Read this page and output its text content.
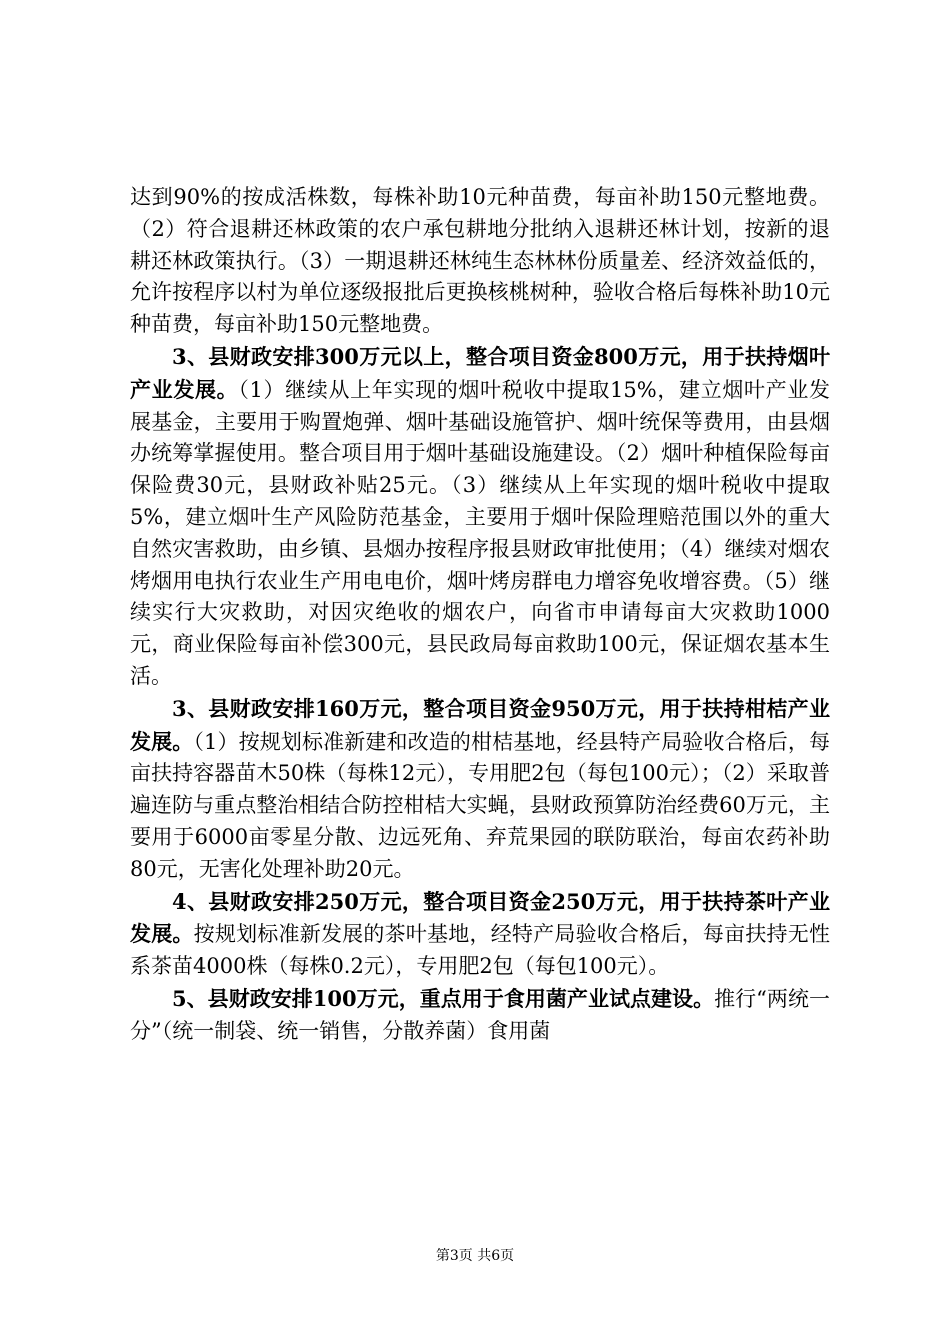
达到90%的按成活株数，每株补助10元种苗费，每亩补助150元整地费。（2）符合退耕还林政策的农户承包耕地分批纳入退耕还林计划，按新的退耕还林政策执行。（3）一期退耕还林纯生态林林份质量差、经济效益低的，允许按程序以村为单位逐级报批后更换核桃树种，验收合格后每株补助10元种苗费，每亩补助150元整地费。

3、县财政安排300万元以上，整合项目资金800万元，用于扶持烟叶产业发展。（1）继续从上年实现的烟叶税收中提取15%，建立烟叶产业发展基金，主要用于购置炮弹、烟叶基础设施管护、烟叶统保等费用，由县烟办统筹掌握使用。整合项目用于烟叶基础设施建设。（2）烟叶种植保险每亩保险费30元，县财政补贴25元。（3）继续从上年实现的烟叶税收中提取5%，建立烟叶生产风险防范基金，主要用于烟叶保险理赔范围以外的重大自然灾害救助，由乡镇、县烟办按程序报县财政审批使用；（4）继续对烟农烤烟用电执行农业生产用电电价，烟叶烤房群电力增容免收增容费。（5）继续实行大灾救助，对因灾绝收的烟农户，向省市申请每亩大灾救助1000元，商业保险每亩补偿300元，县民政局每亩救助100元，保证烟农基本生活。

3、县财政安排160万元，整合项目资金950万元，用于扶持柑桔产业发展。（1）按规划标准新建和改造的柑桔基地，经县特产局验收合格后，每亩扶持容器苗木50株（每株12元），专用肥2包（每包100元）；（2）采取普遍连防与重点整治相结合防控柑桔大实蝇，县财政预算防治经费60万元，主要用于6000亩零星分散、边远死角、弃荒果园的联防联治，每亩农药补助80元，无害化处理补助20元。

4、县财政安排250万元，整合项目资金250万元，用于扶持茶叶产业发展。按规划标准新发展的茶叶基地，经特产局验收合格后，每亩扶持无性系茶苗4000株（每株0.2元），专用肥2包（每包100元）。

5、县财政安排100万元，重点用于食用菌产业试点建设。推行“两统一分”（统一制袋、统一销售，分散养菌）食用菌

第3页 共6页
